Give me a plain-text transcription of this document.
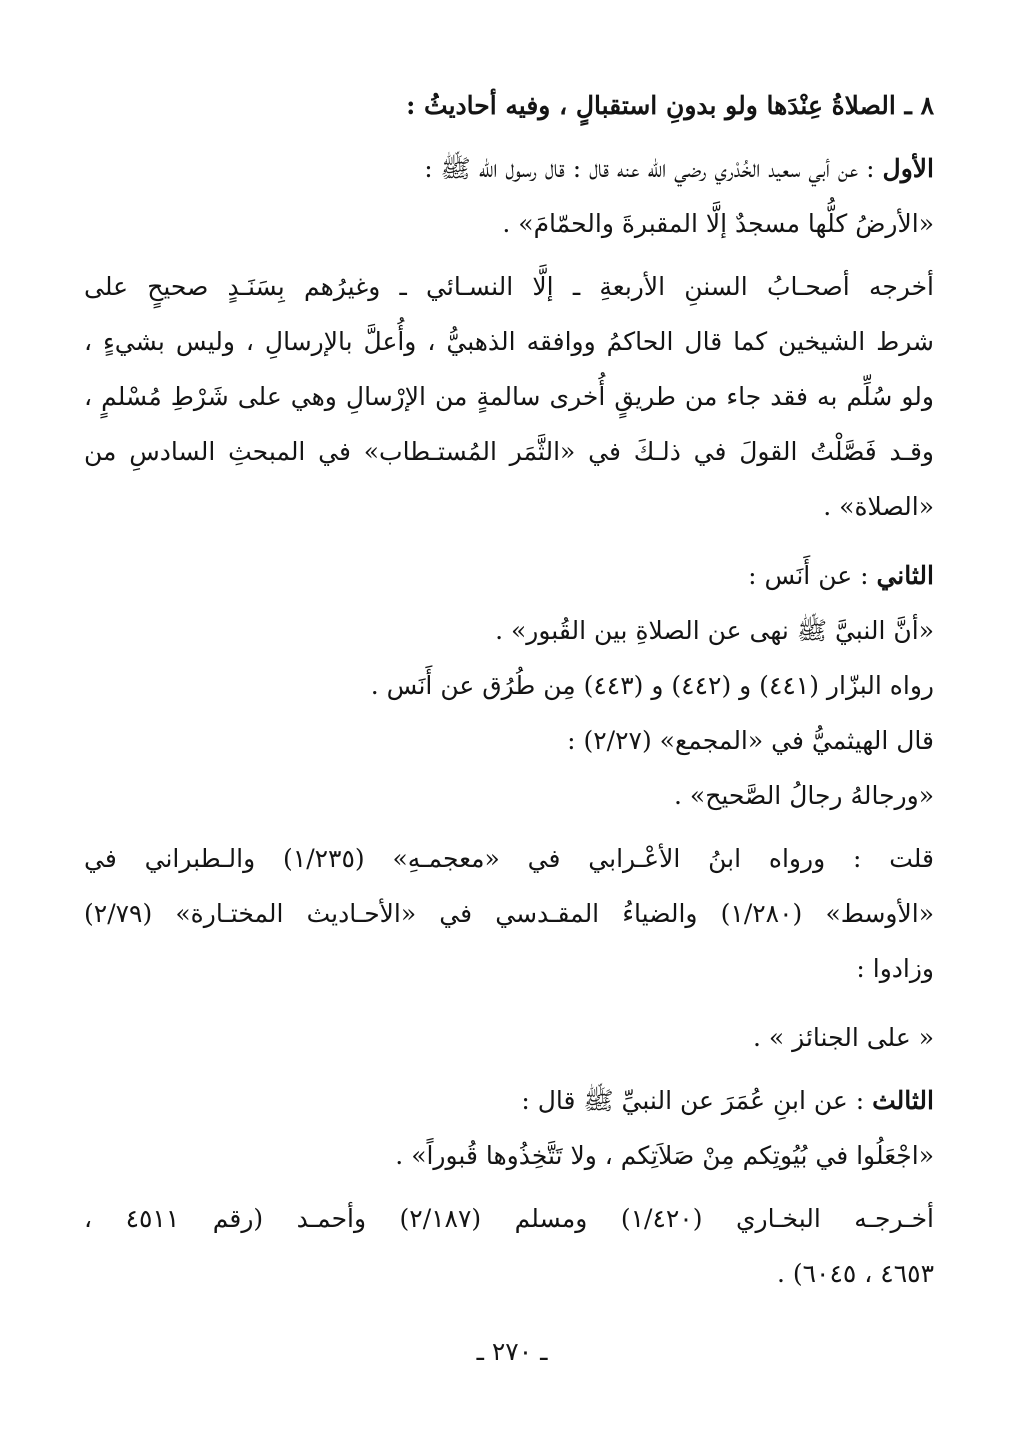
٨ ـ الصلاةُ عِنْدَها ولو بدونِ استقبالٍ ، وفيه أحاديثُ :
الأول : عن أبي سعيد الخُدْري رضي الله عنه قال : قال رسول الله ﷺ :
«الأرضُ كلُّها مسجدٌ إلَّا المقبرةَ والحمّامَ» .
أخرجه أصحـابُ السننِ الأربعةِ ـ إلَّا النسـائي ـ وغيرُهم بِسَنَـدٍ صحيحٍ على
شرط الشيخين كما قال الحاكمُ ووافقه الذهبيُّ ، وأُعلَّ بالإرسالِ ، وليس بشيءٍ ،
ولو سُلِّم به فقد جاء من طريقٍ أُخرى سالمةٍ من الإرْسالِ وهي على شَرْطِ مُسْلمٍ ،
وقـد فَصَّلْتُ القولَ في ذلـكَ في «الثَّمَر المُستـطاب» في المبحثِ السادسِ من
«الصلاة» .
الثاني : عن أَنَس :
«أنَّ النبيَّ ﷺ نهى عن الصلاةِ بين القُبور» .
رواه البزّار (٤٤١) و (٤٤٢) و (٤٤٣) مِن طُرُق عن أَنَس .
قال الهيثميُّ في «المجمع» (٢/٢٧) :
«ورجالهُ رجالُ الصَّحيح» .
قلت : ورواه ابنُ الأعْـرابي في «معجمـهِ» (١/٢٣٥) والـطبراني في
«الأوسط» (١/٢٨٠) والضياءُ المقـدسي في «الأحـاديث المختـارة» (٢/٧٩)
وزادوا :
« على الجنائز » .
الثالث : عن ابنِ عُمَرَ عن النبيِّ ﷺ قال :
«اجْعَلُوا في بُيُوتِكم مِنْ صَلاَتِكم ، ولا تَتَّخِذُوها قُبوراً» .
أخـرجـه البخـاري (١/٤٢٠) ومسلم (٢/١٨٧) وأحمـد (رقم ٤٥١١ ،
٤٦٥٣ ، ٦٠٤٥) .
ـ ٢٧٠ ـ
